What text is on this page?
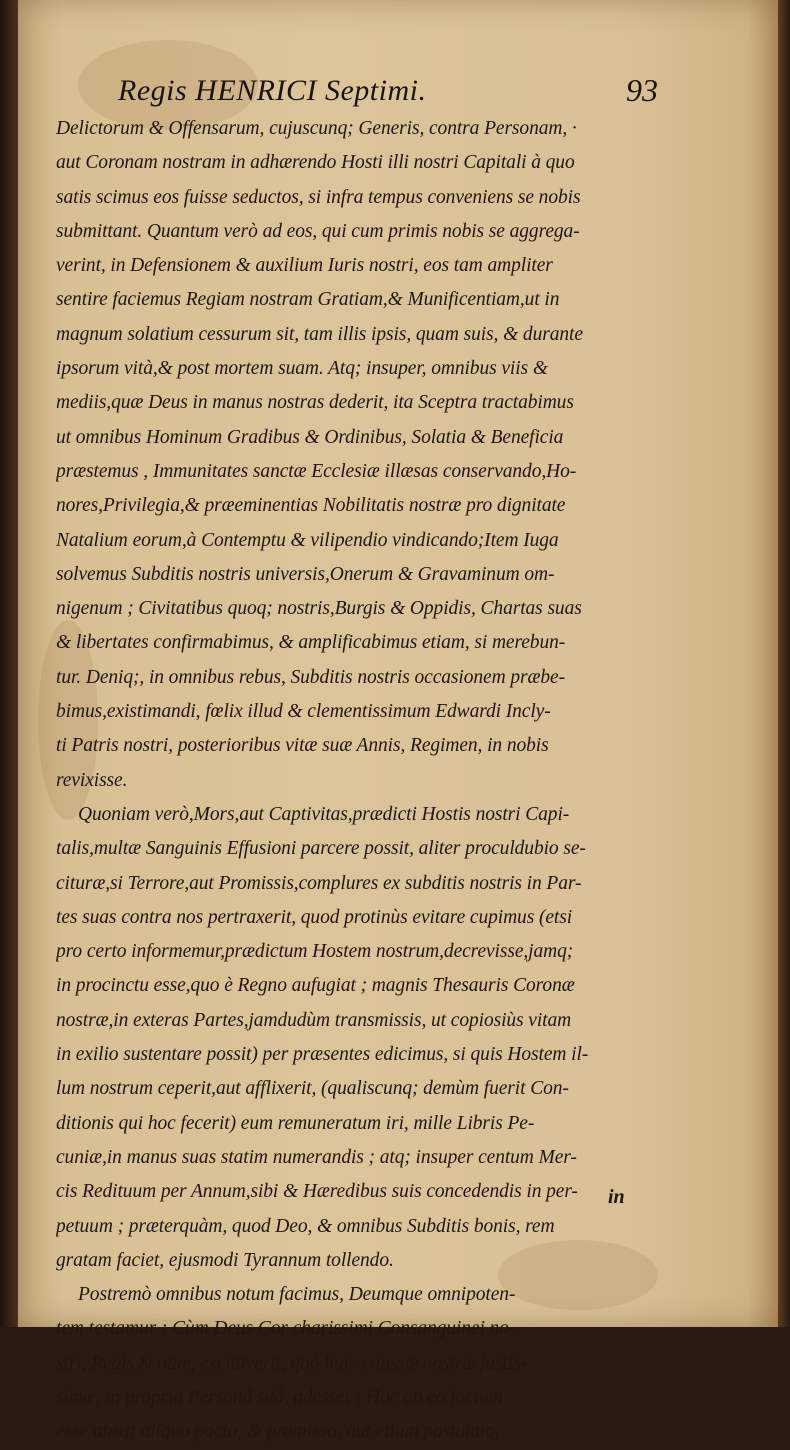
Regis HENRICI Septimi.	93
Delictorum & Offensarum, cujuscunq; Generis, contra Personam, ·
aut Coronam nostram in adhærendo Hosti illi nostri Capitali à quo
satis scimus eos fuisse seductos, si infra tempus conveniens se nobis
submittant. Quantum verò ad eos, qui cum primis nobis se aggrega-
verint, in Defensionem & auxilium Iuris nostri, eos tam ampliter
sentire faciemus Regiam nostram Gratiam,& Munificentiam,ut in
magnum solatium cessurum sit, tam illis ipsis, quam suis, & durante
ipsorum vità,& post mortem suam. Atq; insuper, omnibus viis &
mediis,quæ Deus in manus nostras dederit, ita Sceptra tractabimus
ut omnibus Hominum Gradibus & Ordinibus, Solatia & Beneficia
præstemus , Immunitates sanctæ Ecclesiæ illæsas conservando,Ho-
nores,Privilegia,& præeminentias Nobilitatis nostræ pro dignitate
Natalium eorum,à Contemptu & vilipendio vindicando;Item Iuga
solvemus Subditis nostris universis,Onerum & Gravaminum om-
nigenum ; Civitatibus quoq; nostris,Burgis & Oppidis, Chartas suas
& libertates confirmabimus, & amplificabimus etiam, si merebun-
tur. Deniq;, in omnibus rebus, Subditis nostris occasionem præbe-
bimus,existimandi, fœlix illud & clementissimum Edwardi Incly-
ti Patris nostri, posterioribus vitæ suæ Annis, Regimen, in nobis
revixisse.
Quoniam verò,Mors,aut Captivitas,prædicti Hostis nostri Capi-
talis,multæ Sanguinis Effusioni parcere possit, aliter proculdubio se-
cituræ,si Terrore,aut Promissis,complures ex subditis nostris in Par-
tes suas contra nos pertraxerit, quod protinùs evitare cupimus (etsi
pro certo informemur,prædictum Hostem nostrum,decrevisse,jamq;
in procinctu esse,quo è Regno aufugiat ; magnis Thesauris Coronæ
nostræ,in exteras Partes,jamdudùm transmissis, ut copiosiùs vitam
in exilio sustentare possit) per præsentes edicimus, si quis Hostem il-
lum nostrum ceperit,aut afflixerit, (qualiscunq; demùm fuerit Con-
ditionis qui hoc fecerit) eum remuneratum iri, mille Libris Pe-
cuniæ,in manus suas statim numerandis ; atq; insuper centum Mer-
cis Redituum per Annum,sibi & Hæredibus suis concedendis in per-
petuum ; præterquàm, quod Deo, & omnibus Subditis bonis, rem
gratam faciet, ejusmodi Tyrannum tollendo.
Postremò omnibus notum facimus, Deumque omnipoten-
tem testamur ; Cùm Deus Cor charissimi Consanguinei no-
stri, Regis Scotiæ, excitaverit, quò huic caussæ nostræ justis-
simæ, in propria Personâ suâ, adesset ; Hoc ab eo factum
esse absq; aliquo pacto, & promisso, aut etiam postulato,
in
